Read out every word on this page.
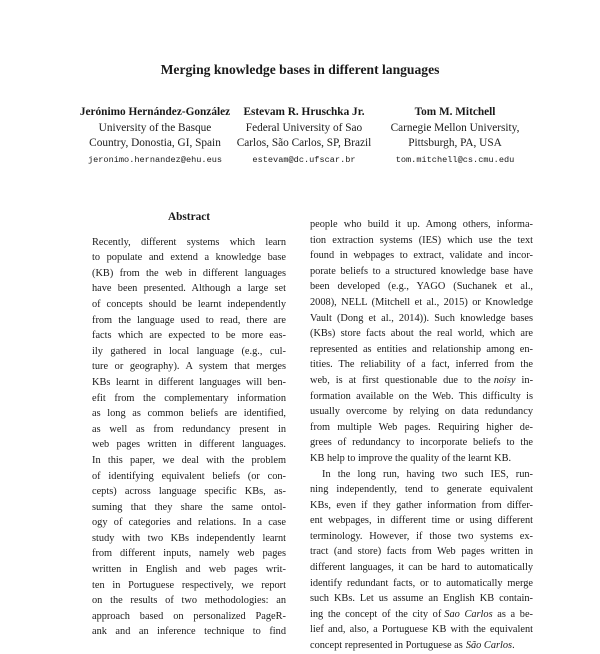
Merging knowledge bases in different languages
Jerónimo Hernández-González
University of the Basque
Country, Donostia, GI, Spain
jeronimo.hernandez@ehu.eus
Estevam R. Hruschka Jr.
Federal University of Sao
Carlos, São Carlos, SP, Brazil
estevam@dc.ufscar.br
Tom M. Mitchell
Carnegie Mellon University,
Pittsburgh, PA, USA
tom.mitchell@cs.cmu.edu

Abstract

Recently, different systems which learn
to populate and extend a knowledge base
(KB) from the web in different languages
have been presented. Although a large set
of concepts should be learnt independently
from the language used to read, there are
facts which are expected to be more eas-
ily gathered in local language (e.g., cul-
ture or geography). A system that merges
KBs learnt in different languages will ben-
efit from the complementary information
as long as common beliefs are identified,
as well as from redundancy present in
web pages written in different languages.
In this paper, we deal with the problem
of identifying equivalent beliefs (or con-
cepts) across language specific KBs, as-
suming that they share the same ontol-
ogy of categories and relations. In a case
study with two KBs independently learnt
from different inputs, namely web pages
written in English and web pages writ-
ten in Portuguese respectively, we report
on the results of two methodologies: an
approach based on personalized PageR-
ank and an inference technique to find
people who build it up. Among others, informa-
tion extraction systems (IES) which use the text
found in webpages to extract, validate and incor-
porate beliefs to a structured knowledge base have
been developed (e.g., YAGO (Suchanek et al.,
2008), NELL (Mitchell et al., 2015) or Knowledge
Vault (Dong et al., 2014)). Such knowledge bases
(KBs) store facts about the real world, which are
represented as entities and relationship among en-
tities. The reliability of a fact, inferred from the
web, is at first questionable due to the noisy in-
formation available on the Web. This difficulty is
usually overcome by relying on data redundancy
from multiple Web pages. Requiring higher de-
grees of redundancy to incorporate beliefs to the
KB help to improve the quality of the learnt KB.
In the long run, having two such IES, run-
ning independently, tend to generate equivalent
KBs, even if they gather information from differ-
ent webpages, in different time or using different
terminology. However, if those two systems ex-
tract (and store) facts from Web pages written in
different languages, it can be hard to automatically
identify redundant facts, or to automatically merge
such KBs. Let us assume an English KB contain-
ing the concept of the city of Sao Carlos as a be-
lief and, also, a Portuguese KB with the equivalent
concept represented in Portuguese as São Carlos.
